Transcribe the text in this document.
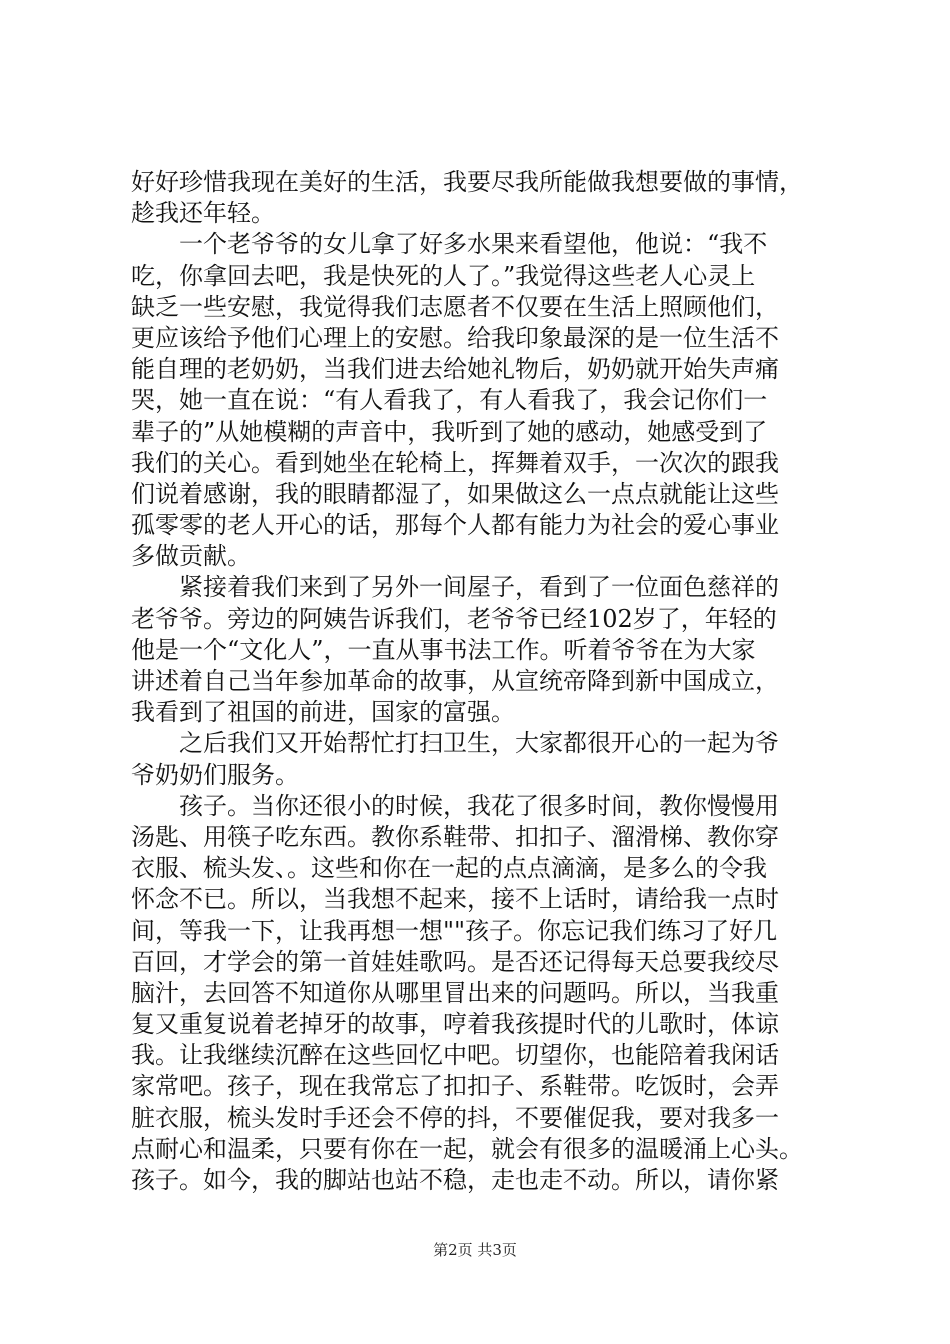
好好珍惜我现在美好的生活，我要尽我所能做我想要做的事情，
趁我还年轻。
　　一个老爷爷的女儿拿了好多水果来看望他，他说：“我不
吃，你拿回去吧，我是快死的人了。”我觉得这些老人心灵上
缺乏一些安慰，我觉得我们志愿者不仅要在生活上照顾他们，
更应该给予他们心理上的安慰。给我印象最深的是一位生活不
能自理的老奶奶，当我们进去给她礼物后，奶奶就开始失声痛
哭，她一直在说：“有人看我了，有人看我了，我会记你们一
辈子的”从她模糊的声音中，我听到了她的感动，她感受到了
我们的关心。看到她坐在轮椅上，挥舞着双手，一次次的跟我
们说着感谢，我的眼睛都湿了，如果做这么一点点就能让这些
孤零零的老人开心的话，那每个人都有能力为社会的爱心事业
多做贡献。
　　紧接着我们来到了另外一间屋子，看到了一位面色慈祥的
老爷爷。旁边的阿姨告诉我们，老爷爷已经102岁了，年轻的
他是一个“文化人”，一直从事书法工作。听着爷爷在为大家
讲述着自己当年参加革命的故事，从宣统帝降到新中国成立，
我看到了祖国的前进，国家的富强。
　　之后我们又开始帮忙打扫卫生，大家都很开心的一起为爷
爷奶奶们服务。
　　孩子。当你还很小的时候，我花了很多时间，教你慢慢用
汤匙、用筷子吃东西。教你系鞋带、扣扣子、溜滑梯、教你穿
衣服、梳头发、。这些和你在一起的点点滴滴，是多么的令我
怀念不已。所以，当我想不起来，接不上话时，请给我一点时
间，等我一下，让我再想一想""孩子。你忘记我们练习了好几
百回，才学会的第一首娃娃歌吗。是否还记得每天总要我绞尽
脑汁，去回答不知道你从哪里冒出来的问题吗。所以，当我重
复又重复说着老掉牙的故事，哼着我孩提时代的儿歌时，体谅
我。让我继续沉醉在这些回忆中吧。切望你，也能陪着我闲话
家常吧。孩子，现在我常忘了扣扣子、系鞋带。吃饭时，会弄
脏衣服，梳头发时手还会不停的抖，不要催促我，要对我多一
点耐心和温柔，只要有你在一起，就会有很多的温暖涌上心头。
孩子。如今，我的脚站也站不稳，走也走不动。所以，请你紧
第2页 共3页
